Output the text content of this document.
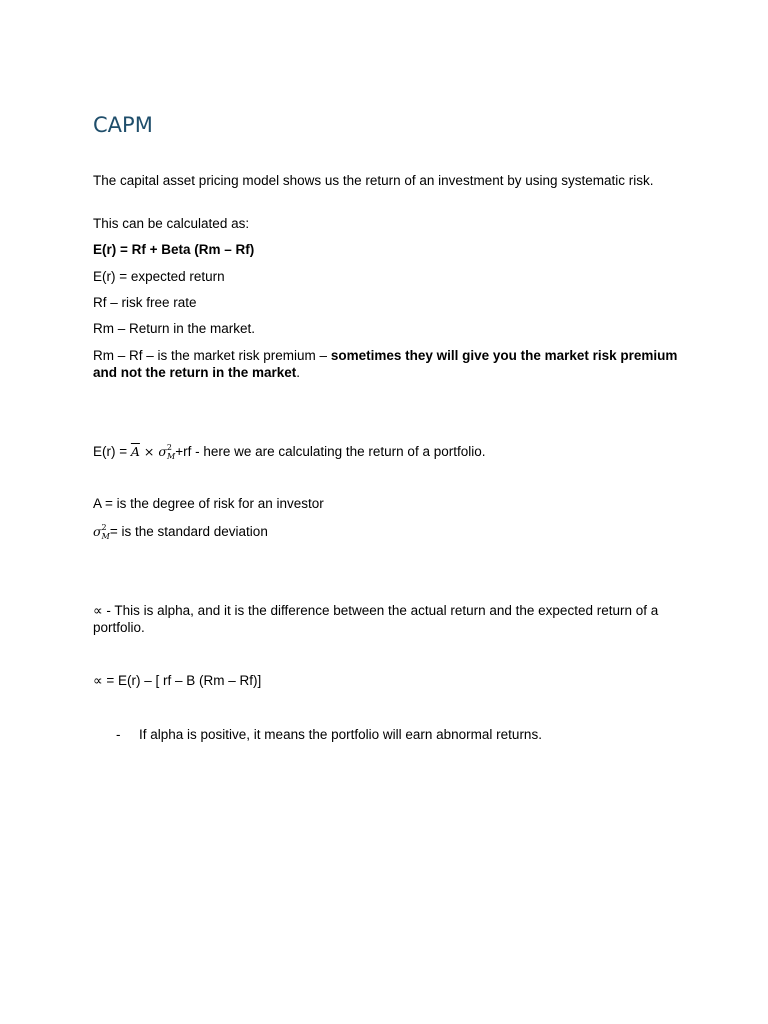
CAPM

The capital asset pricing model shows us the return of an investment by using systematic risk.

This can be calculated as:

E(r) = Rf + Beta (Rm – Rf)

E(r) = expected return

Rf – risk free rate

Rm – Return in the market.

Rm – Rf – is the market risk premium – sometimes they will give you the market risk premium and not the return in the market.

$E(r) = \overline{A} \times \sigma^2_M+rf$ - here we are calculating the return of a portfolio.

A = is the degree of risk for an investor

$\sigma^2_M=$ is the standard deviation

∝ - This is alpha, and it is the difference between the actual return and the expected return of a portfolio.

∝ = E(r) – [ rf – B (Rm – Rf)]

- If alpha is positive, it means the portfolio will earn abnormal returns.
